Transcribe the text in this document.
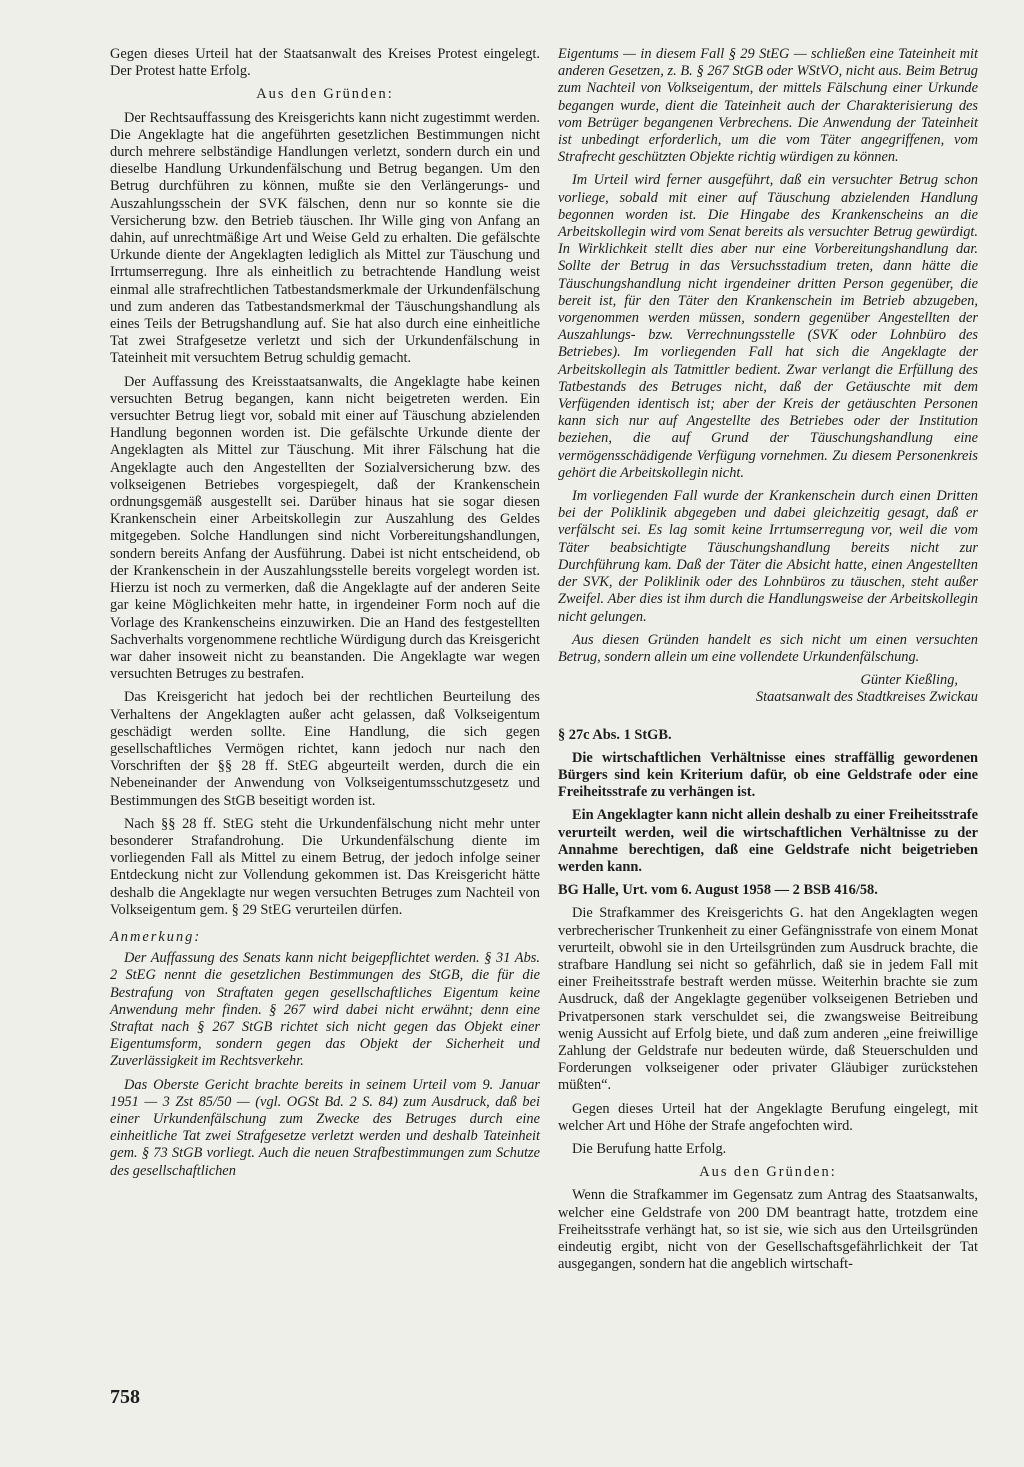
Gegen dieses Urteil hat der Staatsanwalt des Kreises Protest eingelegt. Der Protest hatte Erfolg.

Aus den Gründen:

Der Rechtsauffassung des Kreisgerichts kann nicht zugestimmt werden. Die Angeklagte hat die angeführten gesetzlichen Bestimmungen nicht durch mehrere selbständige Handlungen verletzt, sondern durch ein und dieselbe Handlung Urkundenfälschung und Betrug begangen. Um den Betrug durchführen zu können, mußte sie den Verlängerungs- und Auszahlungsschein der SVK fälschen, denn nur so konnte sie die Versicherung bzw. den Betrieb täuschen. Ihr Wille ging von Anfang an dahin, auf unrechtmäßige Art und Weise Geld zu erhalten. Die gefälschte Urkunde diente der Angeklagten lediglich als Mittel zur Täuschung und Irrtumserregung. Ihre als einheitlich zu betrachtende Handlung weist einmal alle strafrechtlichen Tatbestandsmerkmale der Urkundenfälschung und zum anderen das Tatbestandsmerkmal der Täuschungshandlung als eines Teils der Betrugshandlung auf. Sie hat also durch eine einheitliche Tat zwei Strafgesetze verletzt und sich der Urkundenfälschung in Tateinheit mit versuchtem Betrug schuldig gemacht.

Der Auffassung des Kreisstaatsanwalts, die Angeklagte habe keinen versuchten Betrug begangen, kann nicht beigetreten werden. Ein versuchter Betrug liegt vor, sobald mit einer auf Täuschung abzielenden Handlung begonnen worden ist. Die gefälschte Urkunde diente der Angeklagten als Mittel zur Täuschung. Mit ihrer Fälschung hat die Angeklagte auch den Angestellten der Sozialversicherung bzw. des volkseigenen Betriebes vorgespiegelt, daß der Krankenschein ordnungsgemäß ausgestellt sei. Darüber hinaus hat sie sogar diesen Krankenschein einer Arbeitskollegin zur Auszahlung des Geldes mitgegeben. Solche Handlungen sind nicht Vorbereitungshandlungen, sondern bereits Anfang der Ausführung. Dabei ist nicht entscheidend, ob der Krankenschein in der Auszahlungsstelle bereits vorgelegt worden ist. Hierzu ist noch zu vermerken, daß die Angeklagte auf der anderen Seite gar keine Möglichkeiten mehr hatte, in irgendeiner Form noch auf die Vorlage des Krankenscheins einzuwirken. Die an Hand des festgestellten Sachverhalts vorgenommene rechtliche Würdigung durch das Kreisgericht war daher insoweit nicht zu beanstanden. Die Angeklagte war wegen versuchten Betruges zu bestrafen.

Das Kreisgericht hat jedoch bei der rechtlichen Beurteilung des Verhaltens der Angeklagten außer acht gelassen, daß Volkseigentum geschädigt werden sollte. Eine Handlung, die sich gegen gesellschaftliches Vermögen richtet, kann jedoch nur nach den Vorschriften der §§ 28 ff. StEG abgeurteilt werden, durch die ein Nebeneinander der Anwendung von Volkseigentumsschutzgesetz und Bestimmungen des StGB beseitigt worden ist.

Nach §§ 28 ff. StEG steht die Urkundenfälschung nicht mehr unter besonderer Strafandrohung. Die Urkundenfälschung diente im vorliegenden Fall als Mittel zu einem Betrug, der jedoch infolge seiner Entdeckung nicht zur Vollendung gekommen ist. Das Kreisgericht hätte deshalb die Angeklagte nur wegen versuchten Betruges zum Nachteil von Volkseigentum gem. § 29 StEG verurteilen dürfen.

Anmerkung:

Der Auffassung des Senats kann nicht beigepflichtet werden. § 31 Abs. 2 StEG nennt die gesetzlichen Bestimmungen des StGB, die für die Bestrafung von Straftaten gegen gesellschaftliches Eigentum keine Anwendung mehr finden. § 267 wird dabei nicht erwähnt; denn eine Straftat nach § 267 StGB richtet sich nicht gegen das Objekt einer Eigentumsform, sondern gegen das Objekt der Sicherheit und Zuverlässigkeit im Rechtsverkehr.

Das Oberste Gericht brachte bereits in seinem Urteil vom 9. Januar 1951 — 3 Zst 85/50 — (vgl. OGSt Bd. 2 S. 84) zum Ausdruck, daß bei einer Urkundenfälschung zum Zwecke des Betruges durch eine einheitliche Tat zwei Strafgesetze verletzt werden und deshalb Tateinheit gem. § 73 StGB vorliegt. Auch die neuen Strafbestimmungen zum Schutze des gesellschaftlichen

Eigentums — in diesem Fall § 29 StEG — schließen eine Tateinheit mit anderen Gesetzen, z. B. § 267 StGB oder WStVO, nicht aus. Beim Betrug zum Nachteil von Volkseigentum, der mittels Fälschung einer Urkunde begangen wurde, dient die Tateinheit auch der Charakterisierung des vom Betrüger begangenen Verbrechens. Die Anwendung der Tateinheit ist unbedingt erforderlich, um die vom Täter angegriffenen, vom Strafrecht geschützten Objekte richtig würdigen zu können.

Im Urteil wird ferner ausgeführt, daß ein versuchter Betrug schon vorliege, sobald mit einer auf Täuschung abzielenden Handlung begonnen worden ist. Die Hingabe des Krankenscheins an die Arbeitskollegin wird vom Senat bereits als versuchter Betrug gewürdigt. In Wirklichkeit stellt dies aber nur eine Vorbereitungshandlung dar. Sollte der Betrug in das Versuchsstadium treten, dann hätte die Täuschungshandlung nicht irgendeiner dritten Person gegenüber, die bereit ist, für den Täter den Krankenschein im Betrieb abzugeben, vorgenommen werden müssen, sondern gegenüber Angestellten der Auszahlungs- bzw. Verrechnungsstelle (SVK oder Lohnbüro des Betriebes). Im vorliegenden Fall hat sich die Angeklagte der Arbeitskollegin als Tatmittler bedient. Zwar verlangt die Erfüllung des Tatbestands des Betruges nicht, daß der Getäuschte mit dem Verfügenden identisch ist; aber der Kreis der getäuschten Personen kann sich nur auf Angestellte des Betriebes oder der Institution beziehen, die auf Grund der Täuschungshandlung eine vermögensschädigende Verfügung vornehmen. Zu diesem Personenkreis gehört die Arbeitskollegin nicht.

Im vorliegenden Fall wurde der Krankenschein durch einen Dritten bei der Poliklinik abgegeben und dabei gleichzeitig gesagt, daß er verfälscht sei. Es lag somit keine Irrtumserregung vor, weil die vom Täter beabsichtigte Täuschungshandlung bereits nicht zur Durchführung kam. Daß der Täter die Absicht hatte, einen Angestellten der SVK, der Poliklinik oder des Lohnbüros zu täuschen, steht außer Zweifel. Aber dies ist ihm durch die Handlungsweise der Arbeitskollegin nicht gelungen.

Aus diesen Gründen handelt es sich nicht um einen versuchten Betrug, sondern allein um eine vollendete Urkundenfälschung.

Günter Kießling,

Staatsanwalt des Stadtkreises Zwickau

§ 27c Abs. 1 StGB.

Die wirtschaftlichen Verhältnisse eines straffällig gewordenen Bürgers sind kein Kriterium dafür, ob eine Geldstrafe oder eine Freiheitsstrafe zu verhängen ist.

Ein Angeklagter kann nicht allein deshalb zu einer Freiheitsstrafe verurteilt werden, weil die wirtschaftlichen Verhältnisse zu der Annahme berechtigen, daß eine Geldstrafe nicht beigetrieben werden kann.

BG Halle, Urt. vom 6. August 1958 — 2 BSB 416/58.

Die Strafkammer des Kreisgerichts G. hat den Angeklagten wegen verbrecherischer Trunkenheit zu einer Gefängnisstrafe von einem Monat verurteilt, obwohl sie in den Urteilsgründen zum Ausdruck brachte, die strafbare Handlung sei nicht so gefährlich, daß sie in jedem Fall mit einer Freiheitsstrafe bestraft werden müsse. Weiterhin brachte sie zum Ausdruck, daß der Angeklagte gegenüber volkseigenen Betrieben und Privatpersonen stark verschuldet sei, die zwangsweise Beitreibung wenig Aussicht auf Erfolg biete, und daß zum anderen „eine freiwillige Zahlung der Geldstrafe nur bedeuten würde, daß Steuerschulden und Forderungen volkseigener oder privater Gläubiger zurückstehen müßten“.

Gegen dieses Urteil hat der Angeklagte Berufung eingelegt, mit welcher Art und Höhe der Strafe angefochten wird.

Die Berufung hatte Erfolg.

Aus den Gründen:

Wenn die Strafkammer im Gegensatz zum Antrag des Staatsanwalts, welcher eine Geldstrafe von 200 DM beantragt hatte, trotzdem eine Freiheitsstrafe verhängt hat, so ist sie, wie sich aus den Urteilsgründen eindeutig ergibt, nicht von der Gesellschaftsgefährlichkeit der Tat ausgegangen, sondern hat die angeblich wirtschaft-

758
